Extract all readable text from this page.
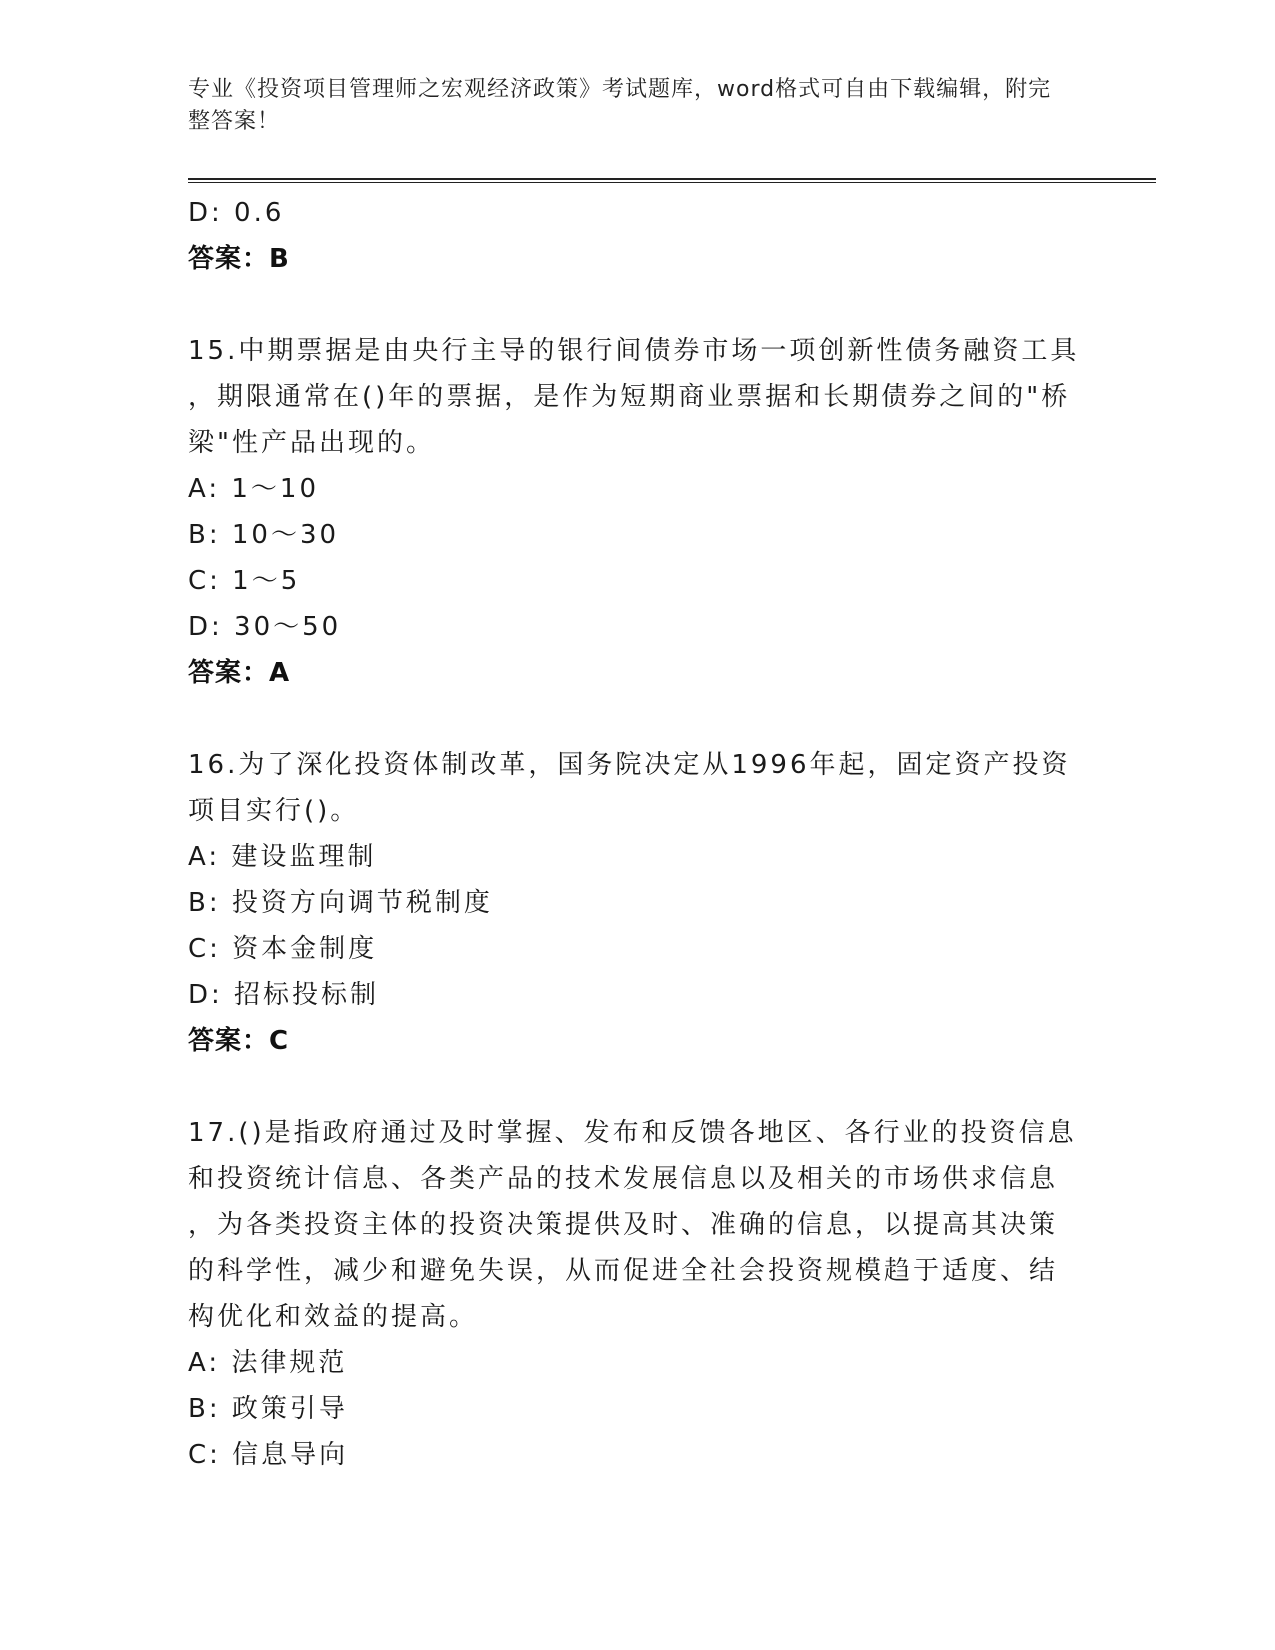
专业《投资项目管理师之宏观经济政策》考试题库，word格式可自由下载编辑，附完整答案！
D: 0.6
答案：B
15.中期票据是由央行主导的银行间债券市场一项创新性债务融资工具
，期限通常在()年的票据，是作为短期商业票据和长期债券之间的"桥
梁"性产品出现的。
A: 1～10
B: 10～30
C: 1～5
D: 30～50
答案：A
16.为了深化投资体制改革，国务院决定从1996年起，固定资产投资
项目实行()。
A: 建设监理制
B: 投资方向调节税制度
C: 资本金制度
D: 招标投标制
答案：C
17.()是指政府通过及时掌握、发布和反馈各地区、各行业的投资信息
和投资统计信息、各类产品的技术发展信息以及相关的市场供求信息
，为各类投资主体的投资决策提供及时、准确的信息，以提高其决策
的科学性，减少和避免失误，从而促进全社会投资规模趋于适度、结
构优化和效益的提高。
A: 法律规范
B: 政策引导
C: 信息导向
